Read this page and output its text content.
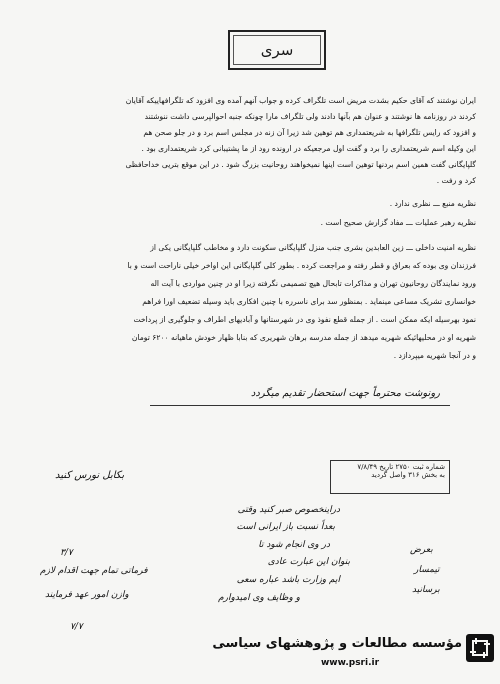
سری
ایران نوشتند که آقای حکیم بشدت مریض است تلگراف کرده و جواب آنهم آمده وی افزود که تلگرافهاییکه آقایان
کردند در روزنامه ها نوشتند و عنوان هم بآنها دادند ولی تلگراف مارا چونکه جنبه احوالپرسی داشت ننوشتند
و افزود که رایس تلگرافها به شریعتمداری هم توهین شد زیرا آن زنه در مجلس اسم برد و در جلو صحن هم
این وکیله اسم شریعتمداری را برد و گفت اول مرجعیکه در ارونده رود از ما پشتیبانی کرد شریعتمداری بود .
گلپایگانی گفت همین اسم بردنها توهین است اینها نمیخواهند روحانیت بزرگ شود . در این موقع بتریی خداحافظی
کرد و رفت .
نظریه منبع ـــ نظری ندارد .
نظریه رهبر عملیات ـــ مفاد گزارش صحیح است .
نظریه امنیت داخلی ـــ زین العابدین بشری جنب منزل گلپایگانی سکونت دارد و مخاطب گلپایگانی یکی از
فرزندان وی بوده که بعراق و قطر رفته و مراجعت کرده . بطور کلی گلپایگانی این اواخر خیلی ناراحت است و با
ورود نمایندگان روحانیون تهران و مذاکرات تابحال هیچ تصمیمی نگرفته زیرا او در چنین مواردی با آیت اله
خوانساری تشریک مساعی مینماید . بمنظور سد برای ناسرره با چنین افکاری باید وسیله تضعیف اورا فراهم
نمود بهرسیله ایکه ممکن است . از جمله قطع نفوذ وی در شهرستانها و آبادیهای اطراف و جلوگیری از پرداخت
شهریه او در محلیهائیکه شهریه میدهد از جمله مدرسه برهان شهریری که بنابا ظهار خودش ماهیانه ۶۲۰۰ تومان
و در آنجا شهریه میپردازد .
رونوشت محترماً جهت استحضار تقدیم میگردد
شماره ثبت ۲۷۵۰ تاریخ ۷/۸/۴۹
به بخش ۳۱۶ واصل گردید
بکابل نورس کنید
دراینخصوص صبر کنید وقتی
بعداً نسبت باز ایرانی است
در وی انجام شود تا
بنوان این عبارت عادی
ایم وزارت باشد عباره سعی
و وظایف وی امیدوارم
۳/۷
فرماتی تمام جهت اقدام لازم
وازن امور عهد فرمایند
۷/۷
بعرض
تیمسار
برسانید
مؤسسه مطالعات و پژوهشهای سیاسی
www.psri.ir
